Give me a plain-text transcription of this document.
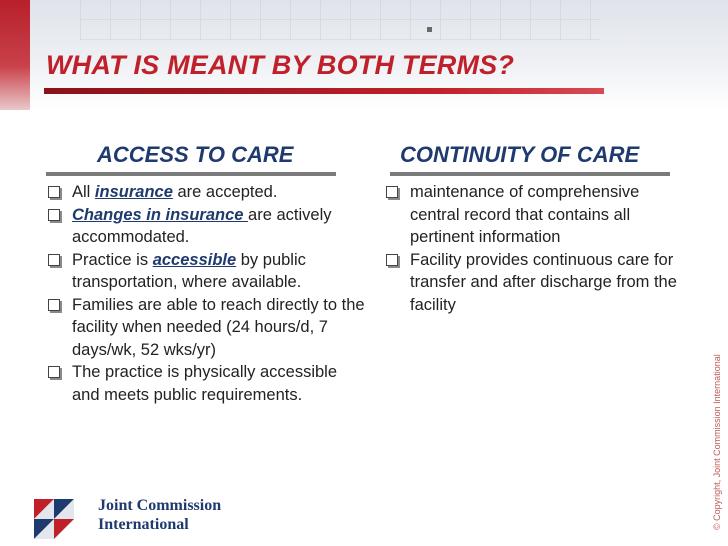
WHAT IS MEANT BY BOTH TERMS?
ACCESS TO CARE	CONTINUITY OF CARE
All insurance are accepted.
Changes in insurance are actively accommodated.
Practice is accessible by public transportation, where available.
Families are able to reach directly to the facility when needed (24 hours/d, 7 days/wk, 52 wks/yr)
The practice is physically accessible and meets public requirements.
maintenance of comprehensive central record that contains all pertinent information
Facility provides continuous care for transfer and after discharge from the facility
© Copyright, Joint Commission International
Joint Commission
International
